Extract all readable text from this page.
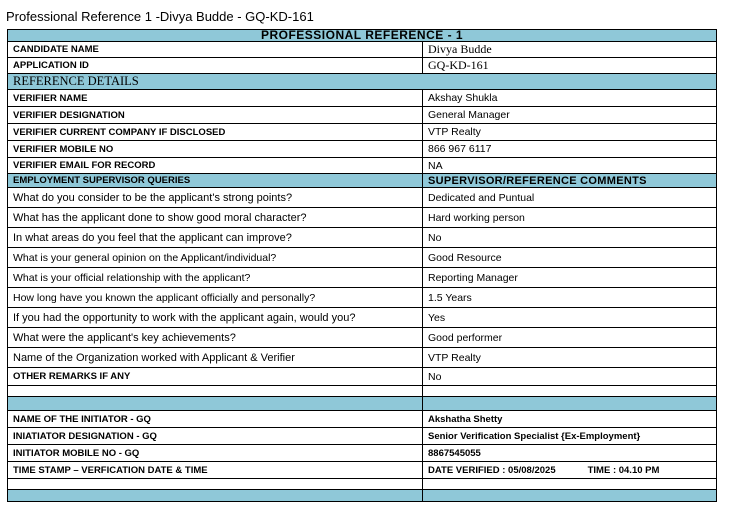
Professional Reference 1 -Divya Budde - GQ-KD-161
PROFESSIONAL REFERENCE - 1	
CANDIDATE NAME	Divya Budde
APPLICATION ID	GQ-KD-161
REFERENCE DETAILS	
VERIFIER NAME	Akshay Shukla
VERIFIER DESIGNATION	General Manager
VERIFIER CURRENT COMPANY IF DISCLOSED	VTP Realty
VERIFIER MOBILE NO	866 967 6117
VERIFIER EMAIL FOR RECORD	NA
EMPLOYMENT SUPERVISOR QUERIES	SUPERVISOR/REFERENCE COMMENTS
What do you consider to be the applicant's strong points?	Dedicated and Puntual
What has the applicant done to show good moral character?	Hard working person
In what areas do you feel that the applicant can improve?	No
What is your general opinion on the Applicant/individual?	Good Resource
What is your official relationship with the applicant?	Reporting Manager
How long have you known the applicant officially and personally?	1.5 Years
If you had the opportunity to work with the applicant again, would you?	Yes
What were the applicant's key achievements?	Good performer
Name of the Organization worked with Applicant & Verifier	VTP Realty
OTHER REMARKS IF ANY	No

NAME OF THE INITIATOR - GQ	Akshatha Shetty
INIATIATOR DESIGNATION - GQ	Senior Verification Specialist {Ex-Employment}
INITIATOR MOBILE NO - GQ	8867545055
TIME STAMP – VERFICATION DATE & TIME	DATE VERIFIED : 05/08/2025 TIME : 04.10 PM
